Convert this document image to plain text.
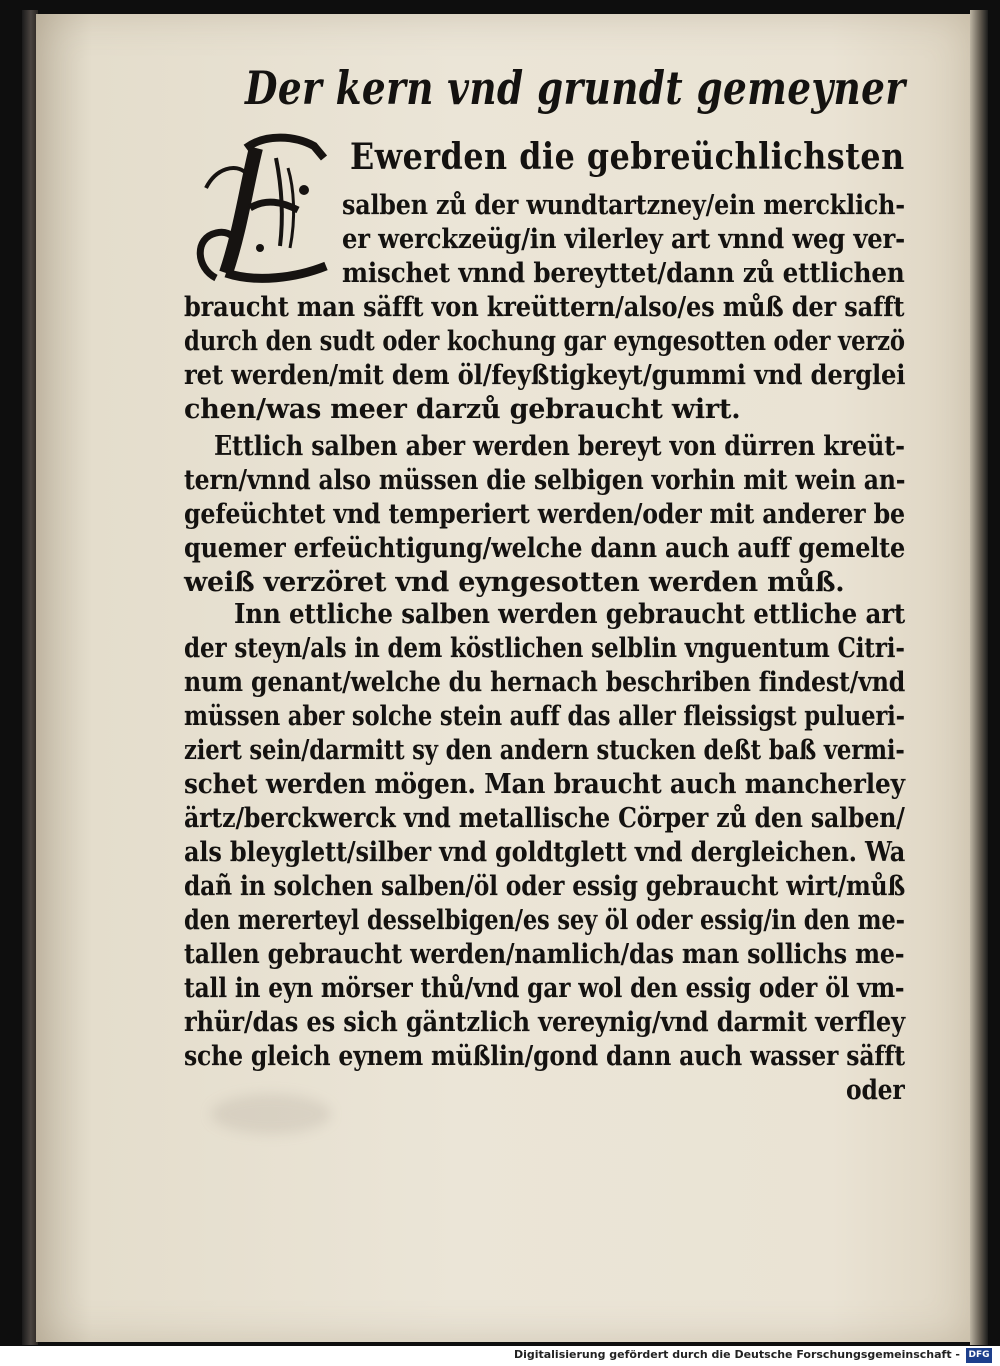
Der kern vnd grundt gemeyner
Ewerden die gebreüchlichsten
salben zů der wundtartzney/ein mercklich-
er werckzeüg/in vilerley art vnnd weg ver-
mischet vnnd bereyttet/dann zů ettlichen
braucht man säfft von kreüttern/also/es můß der safft
durch den sudt oder kochung gar eyngesotten oder verzö
ret werden/mit dem öl/feyßtigkeyt/gummi vnd derglei
chen/was meer darzů gebraucht wirt.
Ettlich salben aber werden bereyt von dürren kreüt-
tern/vnnd also müssen die selbigen vorhin mit wein an-
gefeüchtet vnd temperiert werden/oder mit anderer be
quemer erfeüchtigung/welche dann auch auff gemelte
weiß verzöret vnd eyngesotten werden můß.
Inn ettliche salben werden gebraucht ettliche art
der steyn/als in dem köstlichen selblin vnguentum Citri-
num genant/welche du hernach beschriben findest/vnd
müssen aber solche stein auff das aller fleissigst pulueri-
ziert sein/darmitt sy den andern stucken deßt baß vermi-
schet werden mögen. Man braucht auch mancherley
ärtz/berckwerck vnd metallische Cörper zů den salben/
als bleyglett/silber vnd goldtglett vnd dergleichen. Wa
dañ in solchen salben/öl oder essig gebraucht wirt/můß
den mererteyl desselbigen/es sey öl oder essig/in den me-
tallen gebraucht werden/namlich/das man sollichs me-
tall in eyn mörser thů/vnd gar wol den essig oder öl vm-
rhür/das es sich gäntzlich vereynig/vnd darmit verfley
sche gleich eynem müßlin/gond dann auch wasser säfft
oder
Digitalisierung gefördert durch die Deutsche Forschungsgemeinschaft - DFG
